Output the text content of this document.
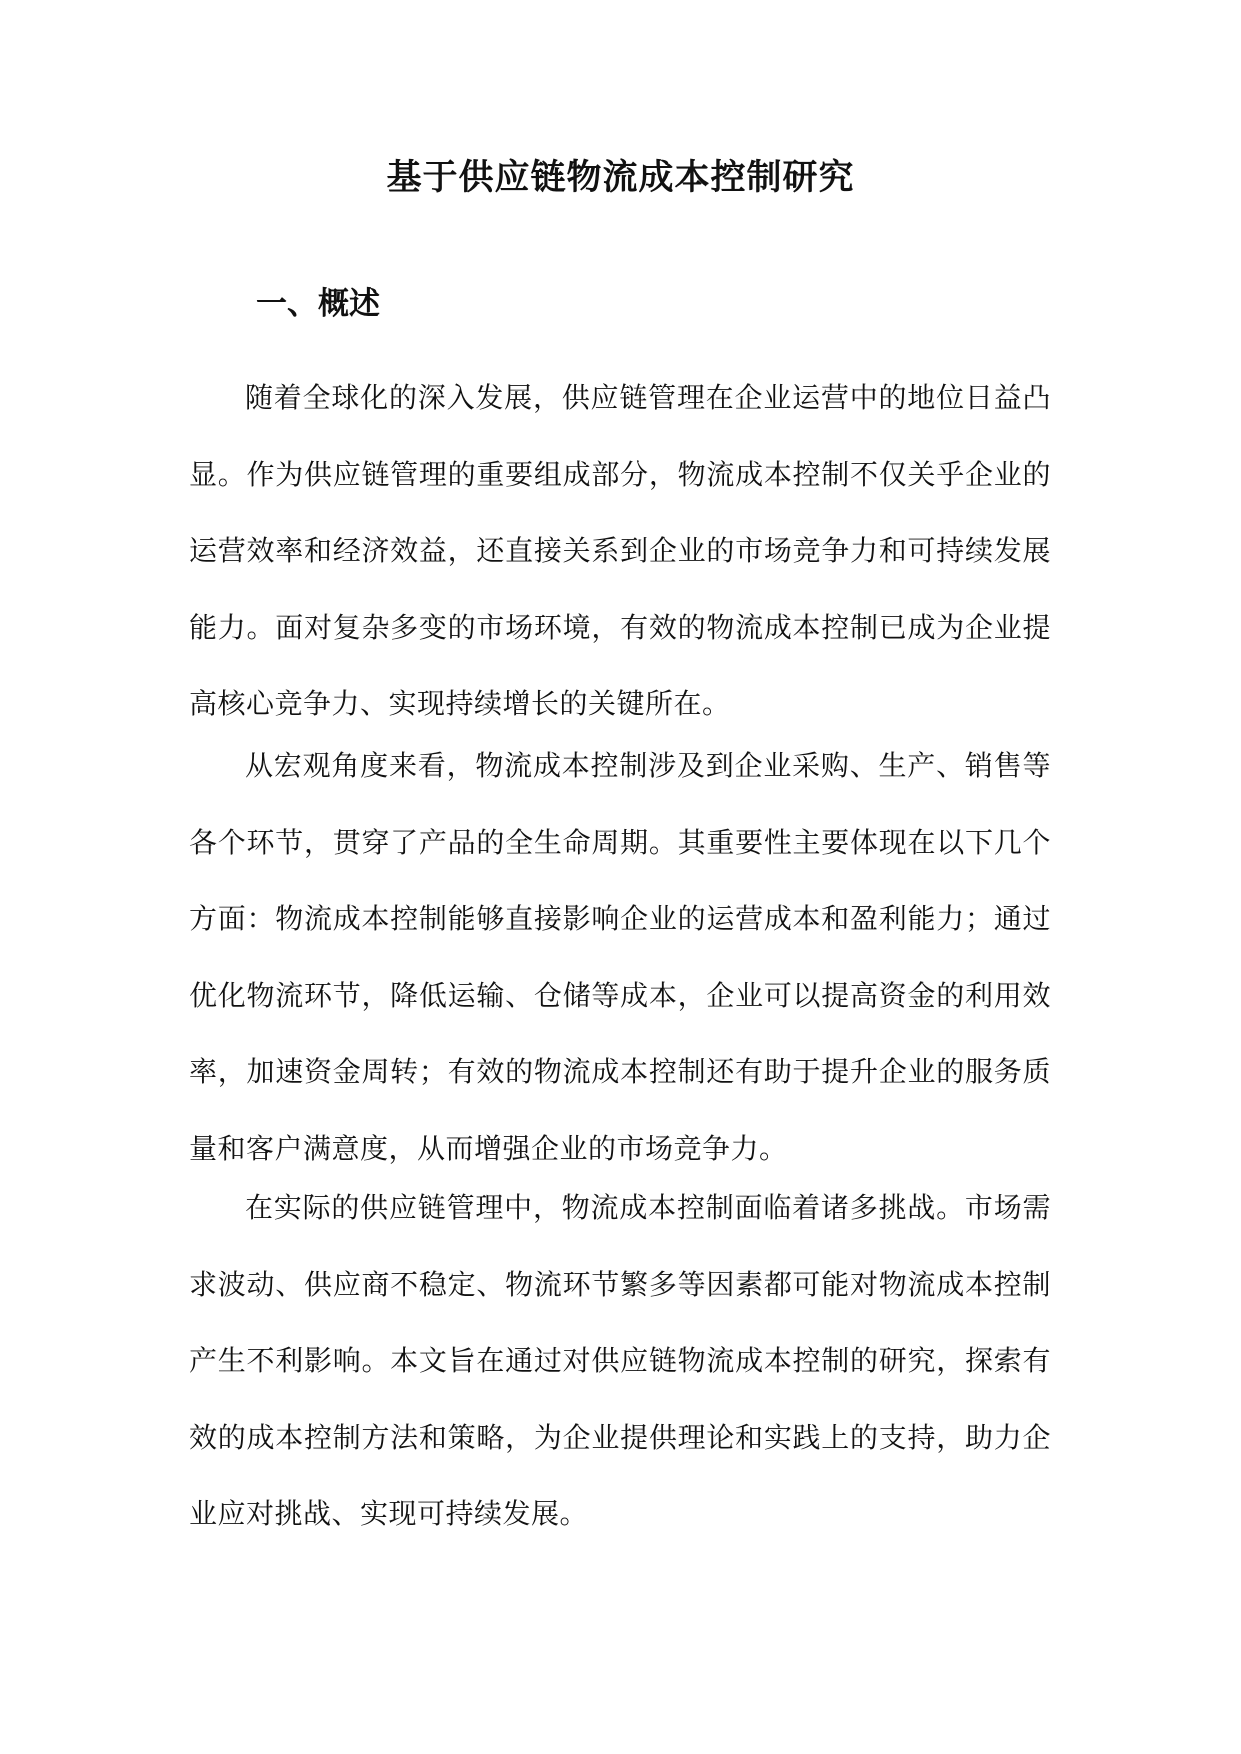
基于供应链物流成本控制研究
一、概述

随着全球化的深入发展，供应链管理在企业运营中的地位日益凸显。作为供应链管理的重要组成部分，物流成本控制不仅关乎企业的运营效率和经济效益，还直接关系到企业的市场竞争力和可持续发展能力。面对复杂多变的市场环境，有效的物流成本控制已成为企业提高核心竞争力、实现持续增长的关键所在。

从宏观角度来看，物流成本控制涉及到企业采购、生产、销售等各个环节，贯穿了产品的全生命周期。其重要性主要体现在以下几个方面：物流成本控制能够直接影响企业的运营成本和盈利能力；通过优化物流环节，降低运输、仓储等成本，企业可以提高资金的利用效率，加速资金周转；有效的物流成本控制还有助于提升企业的服务质量和客户满意度，从而增强企业的市场竞争力。

在实际的供应链管理中，物流成本控制面临着诸多挑战。市场需求波动、供应商不稳定、物流环节繁多等因素都可能对物流成本控制产生不利影响。本文旨在通过对供应链物流成本控制的研究，探索有效的成本控制方法和策略，为企业提供理论和实践上的支持，助力企业应对挑战、实现可持续发展。
